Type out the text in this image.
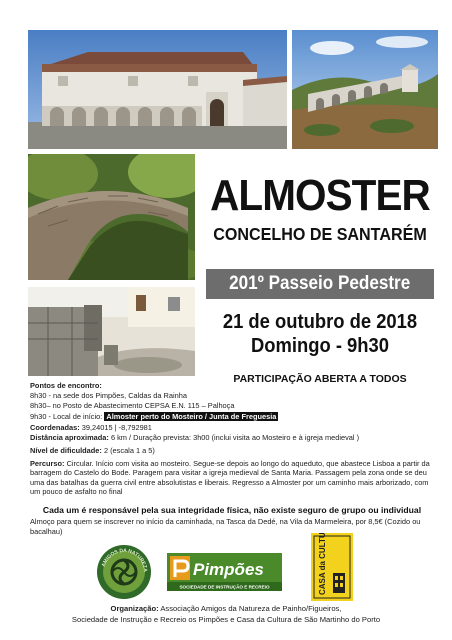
ALMOSTER
CONCELHO DE SANTARÉM
201º Passeio Pedestre
21 de outubro de 2018
Domingo - 9h30
PARTICIPAÇÃO ABERTA A TODOS
Pontos de encontro:
8h30 - na sede dos Pimpões, Caldas da Rainha
8h30– no Posto de Abastecimento CEPSA E.N. 115 – Palhoça
9h30 - Local de início: Almoster perto do Mosteiro / Junta de Freguesia
Coordenadas: 39,24015 | -8,792981
Distância aproximada: 6 km / Duração prevista: 3h00 (inclui visita ao Mosteiro e à igreja medieval )
Nível de dificuldade: 2 (escala 1 a 5)
Percurso: Circular. Início com visita ao mosteiro. Segue-se depois ao longo do aqueduto, que abastece Lisboa a partir da barragem do Castelo do Bode. Paragem para visitar a igreja medieval de Santa Maria. Passagem pela zona onde se deu uma das batalhas da guerra civil entre absolutistas e liberais. Regresso a Almoster por um caminho mais arborizado, com um pouco de asfalto no final
Cada um é responsável pela sua integridade física, não existe seguro de grupo ou individual
Almoço para quem se inscrever no início da caminhada, na Tasca da Dedé, na Vila da Marmeleira, por 8,5€ (Cozido ou bacalhau)
AMIGOS DA NATUREZA	Pimpões
SOCIEDADE DE INSTRUÇÃO E RECREIO	CASA da CULTURA
Organização: Associação Amigos da Natureza de Painho/Figueiros,
Sociedade de Instrução e Recreio os Pimpões e Casa da Cultura de São Martinho do Porto
